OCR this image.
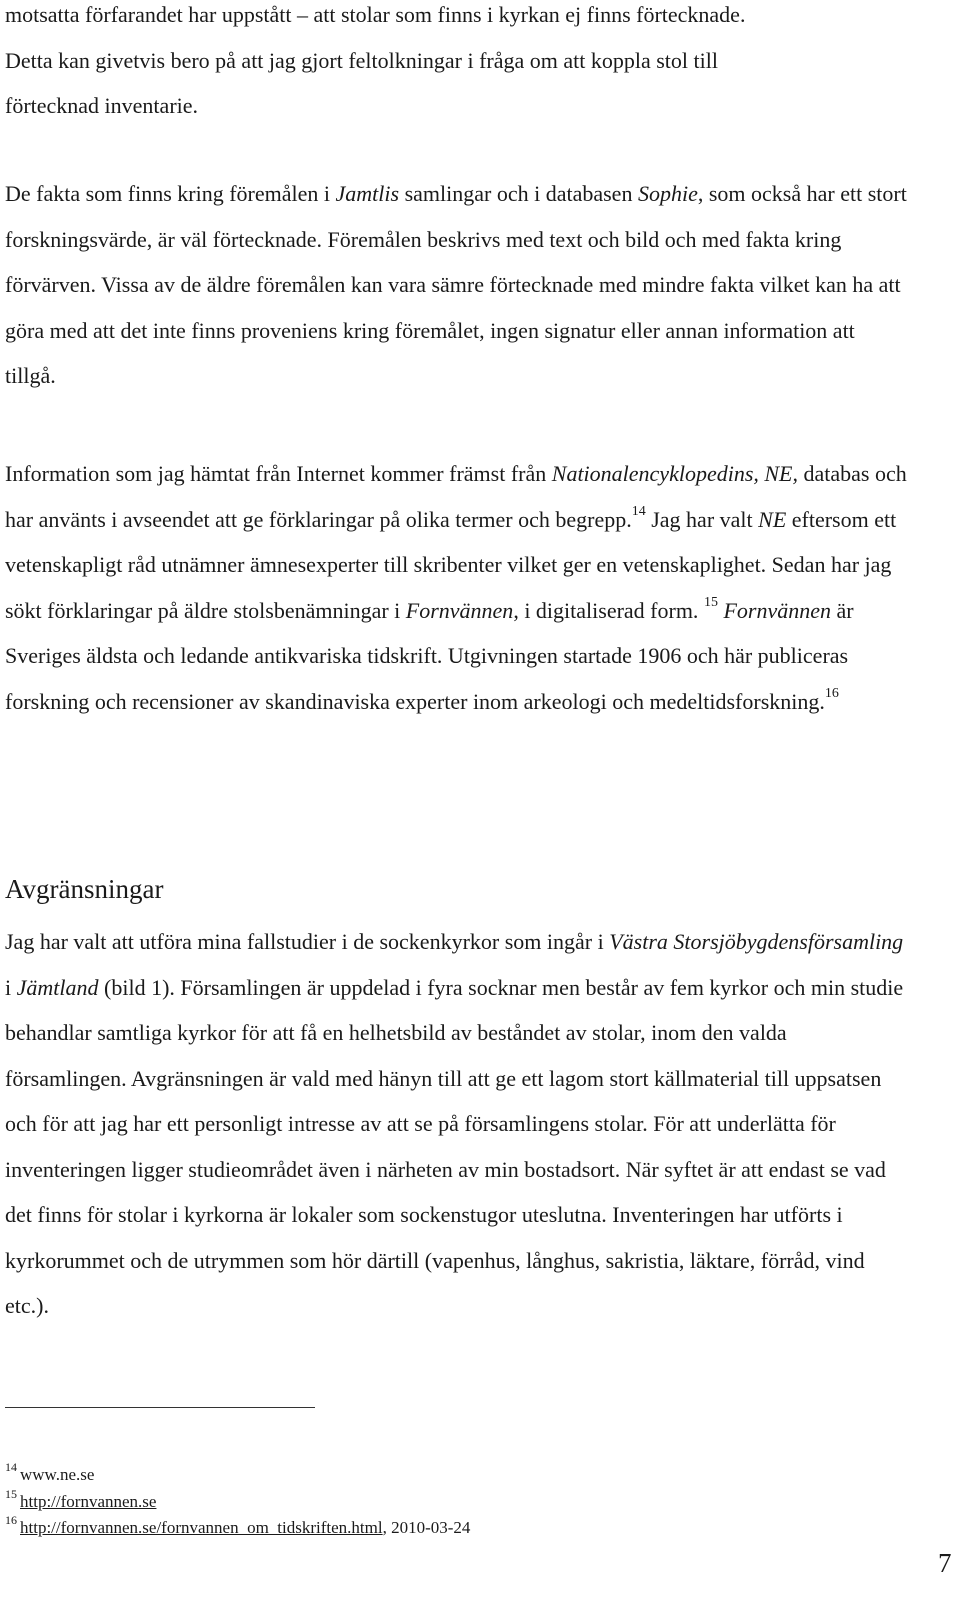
motsatta förfarandet har uppstått – att stolar som finns i kyrkan ej finns förtecknade.
Detta kan givetvis bero på att jag gjort feltolkningar i fråga om att koppla stol till
förtecknad inventarie.

De fakta som finns kring föremålen i Jamtlis samlingar och i databasen Sophie, som också har ett stort forskningsvärde, är väl förtecknade. Föremålen beskrivs med text och bild och med fakta kring förvärven. Vissa av de äldre föremålen kan vara sämre förtecknade med mindre fakta vilket kan ha att göra med att det inte finns proveniens kring föremålet, ingen signatur eller annan information att tillgå.

Information som jag hämtat från Internet kommer främst från Nationalencyklopedins, NE, databas och har använts i avseendet att ge förklaringar på olika termer och begrepp.$^{14}$ Jag har valt NE eftersom ett vetenskapligt råd utnämner ämnesexperter till skribenter vilket ger en vetenskaplighet. Sedan har jag sökt förklaringar på äldre stolsbenämningar i Fornvännen, i digitaliserad form. $^{15}$ Fornvännen är Sveriges äldsta och ledande antikvariska tidskrift. Utgivningen startade 1906 och här publiceras forskning och recensioner av skandinaviska experter inom arkeologi och medeltidsforskning.$^{16}$

Avgränsningar

Jag har valt att utföra mina fallstudier i de sockenkyrkor som ingår i Västra Storsjöbygdensförsamling i Jämtland (bild 1). Församlingen är uppdelad i fyra socknar men består av fem kyrkor och min studie behandlar samtliga kyrkor för att få en helhetsbild av beståndet av stolar, inom den valda församlingen. Avgränsningen är vald med hänyn till att ge ett lagom stort källmaterial till uppsatsen och för att jag har ett personligt intresse av att se på församlingens stolar. För att underlätta för inventeringen ligger studieområdet även i närheten av min bostadsort. När syftet är att endast se vad det finns för stolar i kyrkorna är lokaler som sockenstugor uteslutna. Inventeringen har utförts i kyrkorummet och de utrymmen som hör därtill (vapenhus, långhus, sakristia, läktare, förråd, vind etc.).

$^{14}$ www.ne.se
$^{15}$ http://fornvannen.se
$^{16}$ http://fornvannen.se/fornvannen_om_tidskriften.html, 2010-03-24
7
